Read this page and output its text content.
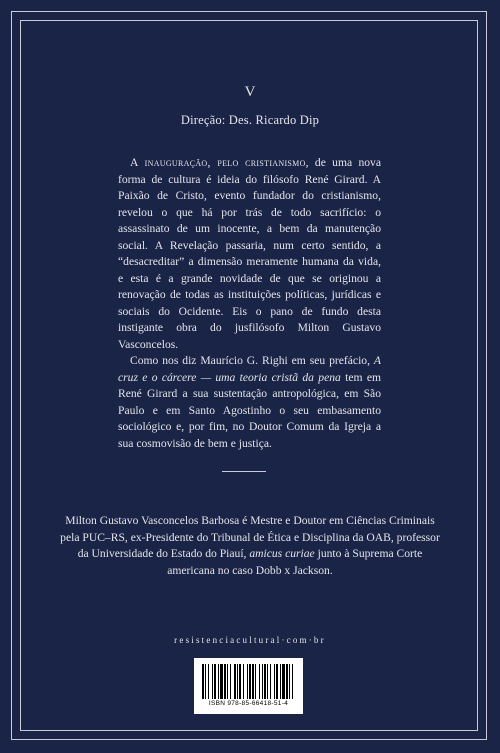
V
Direção: Des. Ricardo Dip

A inauguração, pelo cristianismo, de uma nova forma de cultura é ideia do filósofo René Girard. A Paixão de Cristo, evento fundador do cristianismo, revelou o que há por trás de todo sacrifício: o assassinato de um inocente, a bem da manutenção social. A Revelação passaria, num certo sentido, a “desacreditar” a dimensão meramente humana da vida, e esta é a grande novidade de que se originou a renovação de todas as instituições políticas, jurídicas e sociais do Ocidente. Eis o pano de fundo desta instigante obra do jusfilósofo Milton Gustavo Vasconcelos.

Como nos diz Maurício G. Righi em seu prefácio, A cruz e o cárcere — uma teoria cristã da pena tem em René Girard a sua sustentação antropológica, em São Paulo e em Santo Agostinho o seu embasamento sociológico e, por fim, no Doutor Comum da Igreja a sua cosmovisão de bem e justiça.

Milton Gustavo Vasconcelos Barbosa é Mestre e Doutor em Ciências Criminais pela PUC–RS, ex-Presidente do Tribunal de Ética e Disciplina da OAB, professor da Universidade do Estado do Piauí, amicus curiae junto à Suprema Corte americana no caso Dobb x Jackson.

resistenciacultural·com·br
ISBN 978-85-66418-51-4
